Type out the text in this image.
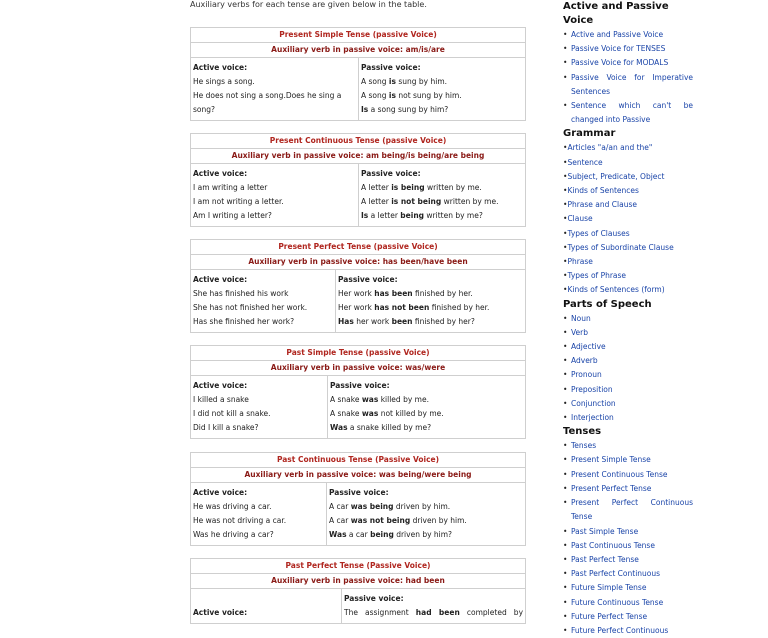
Auxiliary verbs for each tense are given below in the table.
Present Simple Tense (passive Voice)
Auxiliary verb in passive voice: am/is/are
Active voice:
He sings a song.
He does not sing a song.Does he sing a
song?
Passive voice:
A song is sung by him.
A song is not sung by him.
Is a song sung by him?
Present Continuous Tense (passive Voice)
Auxiliary verb in passive voice: am being/is being/are being
Active voice:
I am writing a letter
I am not writing a letter.
Am I writing a letter?
Passive voice:
A letter is being written by me.
A letter is not being written by me.
Is a letter being written by me?
Present Perfect Tense (passive Voice)
Auxiliary verb in passive voice: has been/have been
Active voice:
She has finished his work
She has not finished her work.
Has she finished her work?
Passive voice:
Her work has been finished by her.
Her work has not been finished by her.
Has her work been finished by her?
Past Simple Tense (passive Voice)
Auxiliary verb in passive voice: was/were
Active voice:
I killed a snake
I did not kill a snake.
Did I kill a snake?
Passive voice:
A snake was killed by me.
A snake was not killed by me.
Was a snake killed by me?
Past Continuous Tense (Passive Voice)
Auxiliary verb in passive voice: was being/were being
Active voice:
He was driving a car.
He was not driving a car.
Was he driving a car?
Passive voice:
A car was being driven by him.
A car was not being driven by him.
Was a car being driven by him?
Past Perfect Tense (Passive Voice)
Auxiliary verb in passive voice: had been
Active voice:
Passive voice:
The assignment had been completed by
Active and Passive Voice
• Active and Passive Voice
• Passive Voice for TENSES
• Passive Voice for MODALS
• Passive Voice for Imperative
Sentences
• Sentence which can't be
changed into Passive
Grammar
• Articles "a/an and the"
• Sentence
• Subject, Predicate, Object
• Kinds of Sentences
• Phrase and Clause
• Clause
• Types of Clauses
• Types of Subordinate Clause
• Phrase
• Types of Phrase
• Kinds of Sentences (form)
Parts of Speech
• Noun
• Verb
• Adjective
• Adverb
• Pronoun
• Preposition
• Conjunction
• Interjection
Tenses
• Tenses
• Present Simple Tense
• Present Continuous Tense
• Present Perfect Tense
• Present Perfect Continuous
Tense
• Past Simple Tense
• Past Continuous Tense
• Past Perfect Tense
• Past Perfect Continuous
• Future Simple Tense
• Future Continuous Tense
• Future Perfect Tense
• Future Perfect Continuous
